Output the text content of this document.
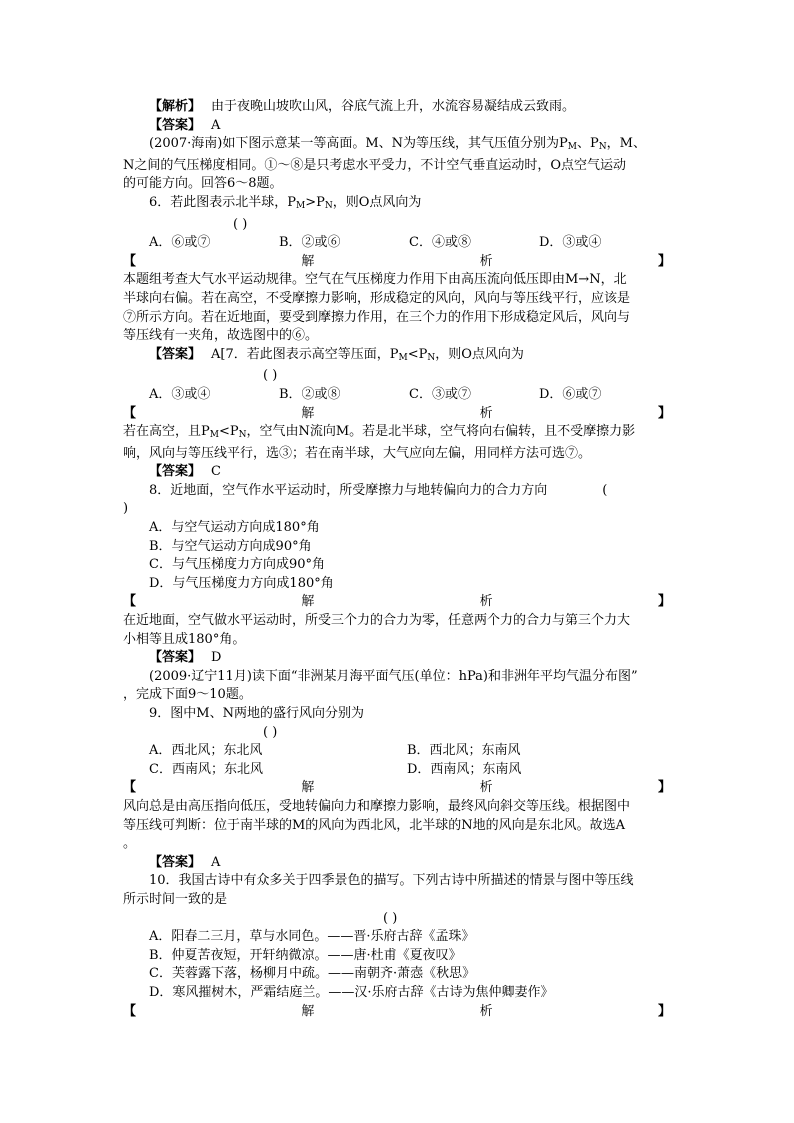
【解析】 由于夜晚山坡吹山风，谷底气流上升，水流容易凝结成云致雨。

【答案】 A

(2007·海南)如下图示意某一等高面。M、N为等压线，其气压值分别为$P_M$、$P_N$，M、

N之间的气压梯度相同。①～⑧是只考虑水平受力，不计空气垂直运动时，O点空气运动

的可能方向。回答6～8题。

6．若此图表示北半球，$P_M>P_N$，则O点风向为

( )

A．⑥或⑦	B．②或⑥	C．④或⑧	D．③或④
【	解	析	】

本题组考查大气水平运动规律。空气在气压梯度力作用下由高压流向低压即由M→N，北

半球向右偏。若在高空，不受摩擦力影响，形成稳定的风向，风向与等压线平行，应该是

⑦所示方向。若在近地面，要受到摩擦力作用，在三个力的作用下形成稳定风后，风向与

等压线有一夹角，故选图中的⑥。

【答案】 A[7．若此图表示高空等压面，$P_M<P_N$，则O点风向为

( )

A．③或④	B．②或⑧	C．③或⑦	D．⑥或⑦
【	解	析	】

若在高空，且$P_M<P_N$，空气由N流向M。若是北半球，空气将向右偏转，且不受摩擦力影

响，风向与等压线平行，选③；若在南半球，大气应向左偏，用同样方法可选⑦。

【答案】 C

8．近地面，空气作水平运动时，所受摩擦力与地转偏向力的合力方向	(

)

A．与空气运动方向成180°角

B．与空气运动方向成90°角

C．与气压梯度力方向成90°角

D．与气压梯度力方向成180°角

【	解	析	】

在近地面，空气做水平运动时，所受三个力的合力为零，任意两个力的合力与第三个力大

小相等且成180°角。

【答案】 D

(2009·辽宁11月)读下面“非洲某月海平面气压(单位：hPa)和非洲年平均气温分布图”

，完成下面9～10题。

9．图中M、N两地的盛行风向分别为

( )

A．西北风；东北风	B．西北风；东南风
C．西南风；东北风	D．西南风；东南风
【	解	析	】

风向总是由高压指向低压，受地转偏向力和摩擦力影响，最终风向斜交等压线。根据图中

等压线可判断：位于南半球的M的风向为西北风，北半球的N地的风向是东北风。故选A

。

【答案】 A

10．我国古诗中有众多关于四季景色的描写。下列古诗中所描述的情景与图中等压线

所示时间一致的是

( )

A．阳春二三月，草与水同色。——晋·乐府古辞《孟珠》

B．仲夏苦夜短，开轩纳微凉。——唐·杜甫《夏夜叹》

C．芙蓉露下落，杨柳月中疏。——南朝齐·萧悫《秋思》

D．寒风摧树木，严霜结庭兰。——汉·乐府古辞《古诗为焦仲卿妻作》

【	解	析	】
